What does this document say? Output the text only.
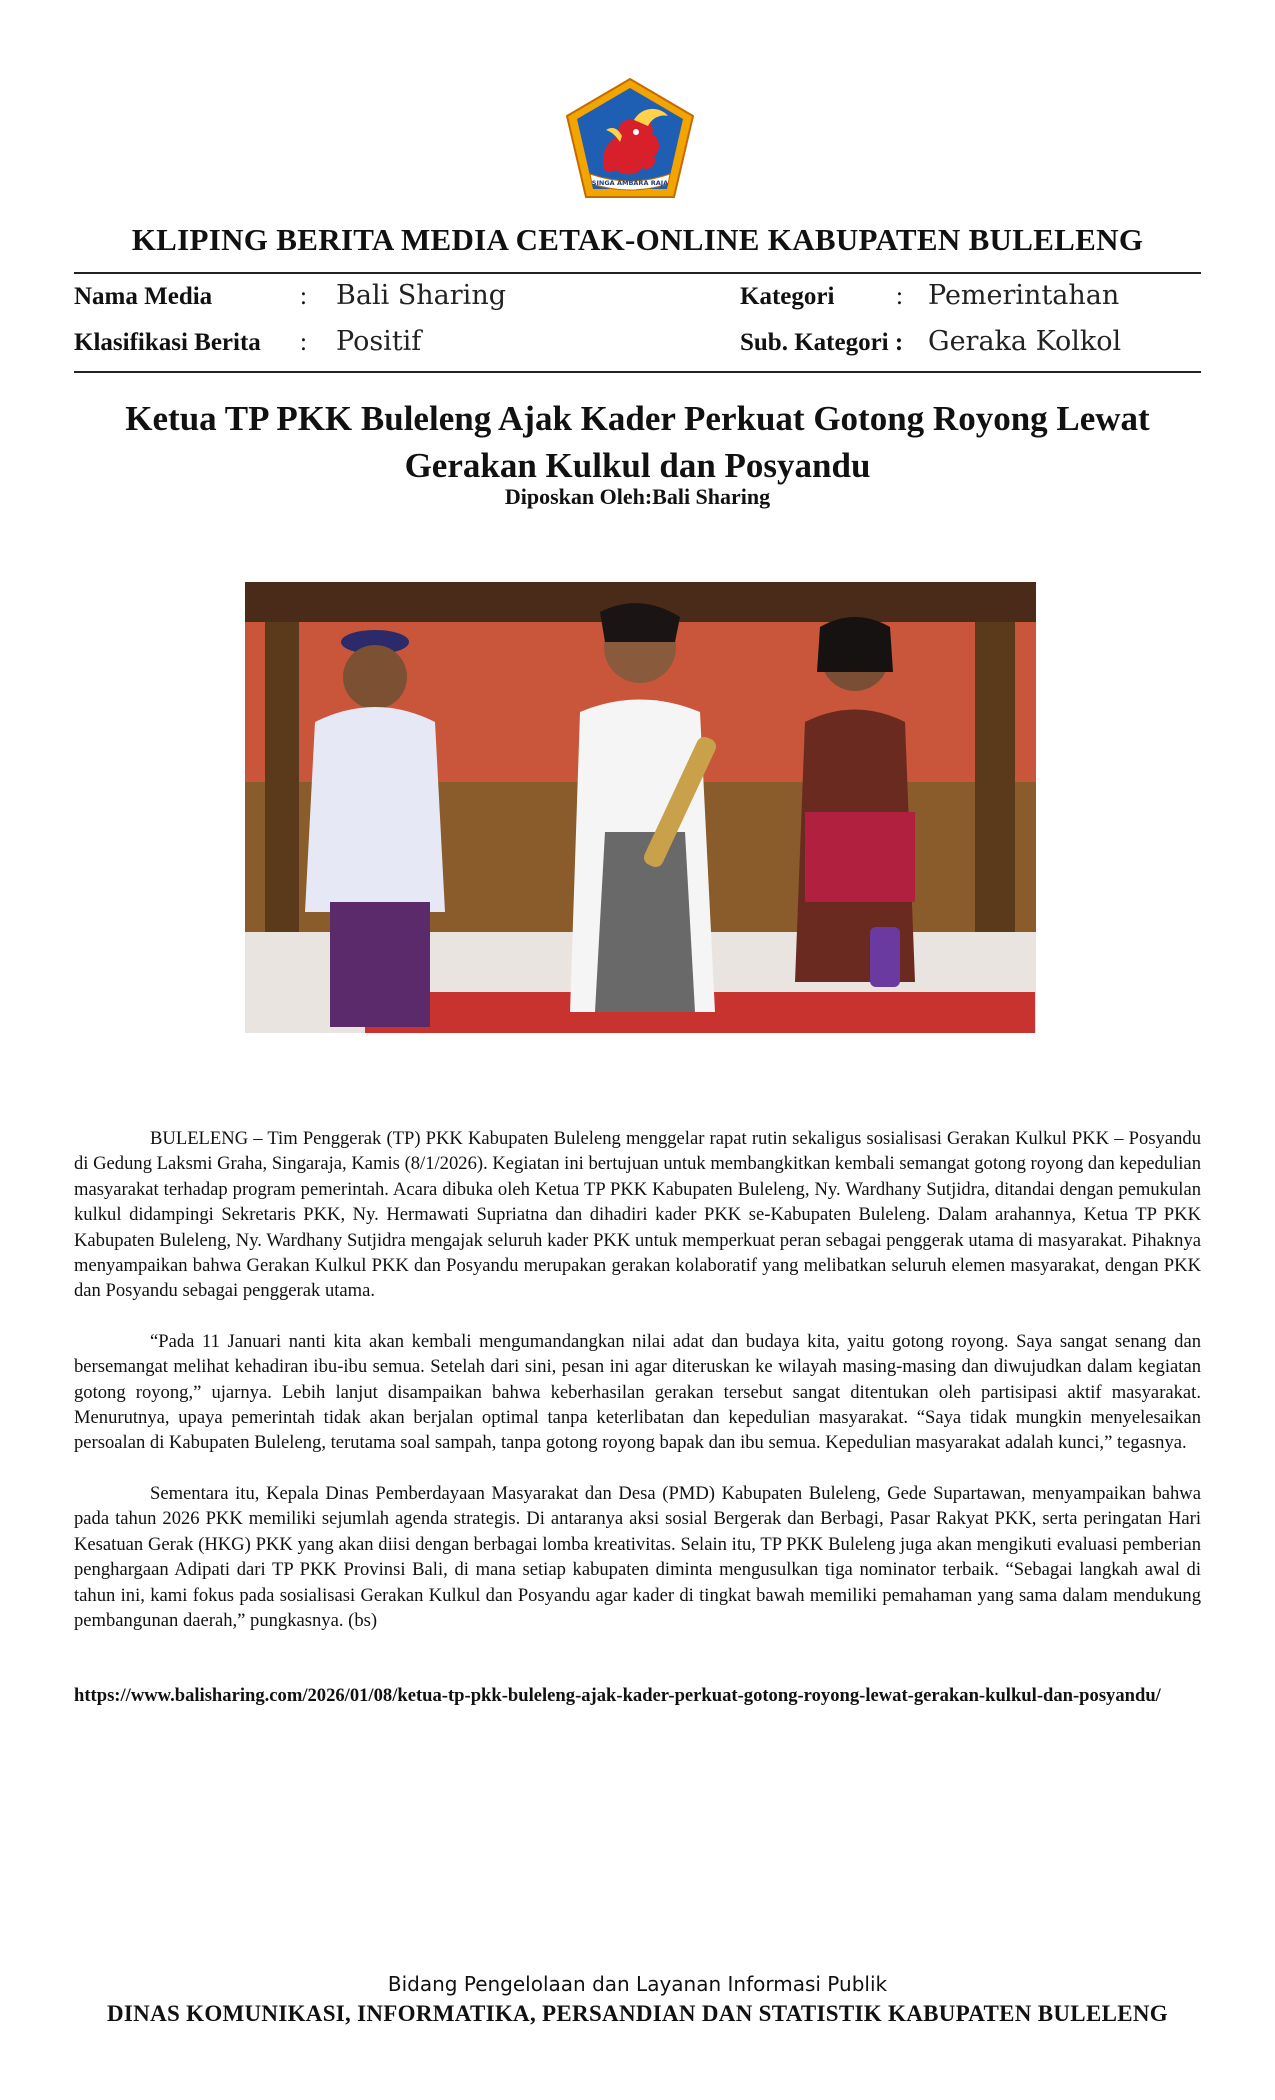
SINGA AMBARA RAJA
KLIPING BERITA MEDIA CETAK-ONLINE KABUPATEN BULELENG
Nama Media	: Bali Sharing	Kategori : Pemerintahan
Klasifikasi Berita : Positif	Sub. Kategori : Geraka Kolkol
Ketua TP PKK Buleleng Ajak Kader Perkuat Gotong Royong Lewat Gerakan Kulkul dan Posyandu
Diposkan Oleh:Bali Sharing

BULELENG – Tim Penggerak (TP) PKK Kabupaten Buleleng menggelar rapat rutin sekaligus sosialisasi Gerakan Kulkul PKK – Posyandu di Gedung Laksmi Graha, Singaraja, Kamis (8/1/2026). Kegiatan ini bertujuan untuk membangkitkan kembali semangat gotong royong dan kepedulian masyarakat terhadap program pemerintah. Acara dibuka oleh Ketua TP PKK Kabupaten Buleleng, Ny. Wardhany Sutjidra, ditandai dengan pemukulan kulkul didampingi Sekretaris PKK, Ny. Hermawati Supriatna dan dihadiri kader PKK se-Kabupaten Buleleng. Dalam arahannya, Ketua TP PKK Kabupaten Buleleng, Ny. Wardhany Sutjidra mengajak seluruh kader PKK untuk memperkuat peran sebagai penggerak utama di masyarakat. Pihaknya menyampaikan bahwa Gerakan Kulkul PKK dan Posyandu merupakan gerakan kolaboratif yang melibatkan seluruh elemen masyarakat, dengan PKK dan Posyandu sebagai penggerak utama.

“Pada 11 Januari nanti kita akan kembali mengumandangkan nilai adat dan budaya kita, yaitu gotong royong. Saya sangat senang dan bersemangat melihat kehadiran ibu-ibu semua. Setelah dari sini, pesan ini agar diteruskan ke wilayah masing-masing dan diwujudkan dalam kegiatan gotong royong,” ujarnya. Lebih lanjut disampaikan bahwa keberhasilan gerakan tersebut sangat ditentukan oleh partisipasi aktif masyarakat. Menurutnya, upaya pemerintah tidak akan berjalan optimal tanpa keterlibatan dan kepedulian masyarakat. “Saya tidak mungkin menyelesaikan persoalan di Kabupaten Buleleng, terutama soal sampah, tanpa gotong royong bapak dan ibu semua. Kepedulian masyarakat adalah kunci,” tegasnya.

Sementara itu, Kepala Dinas Pemberdayaan Masyarakat dan Desa (PMD) Kabupaten Buleleng, Gede Supartawan, menyampaikan bahwa pada tahun 2026 PKK memiliki sejumlah agenda strategis. Di antaranya aksi sosial Bergerak dan Berbagi, Pasar Rakyat PKK, serta peringatan Hari Kesatuan Gerak (HKG) PKK yang akan diisi dengan berbagai lomba kreativitas. Selain itu, TP PKK Buleleng juga akan mengikuti evaluasi pemberian penghargaan Adipati dari TP PKK Provinsi Bali, di mana setiap kabupaten diminta mengusulkan tiga nominator terbaik. “Sebagai langkah awal di tahun ini, kami fokus pada sosialisasi Gerakan Kulkul dan Posyandu agar kader di tingkat bawah memiliki pemahaman yang sama dalam mendukung pembangunan daerah,” pungkasnya. (bs)

https://www.balisharing.com/2026/01/08/ketua-tp-pkk-buleleng-ajak-kader-perkuat-gotong-royong-lewat-gerakan-kulkul-dan-posyandu/
Bidang Pengelolaan dan Layanan Informasi Publik
DINAS KOMUNIKASI, INFORMATIKA, PERSANDIAN DAN STATISTIK KABUPATEN BULELENG
